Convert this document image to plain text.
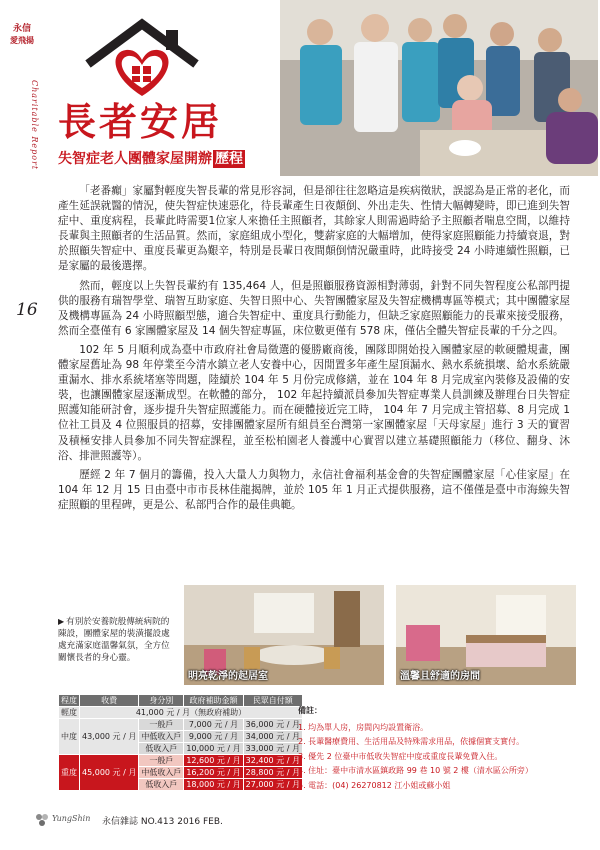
永信
愛飛揚
Charitable Report
16
長者安居
失智症老人團體家屋開辦 歷程

「老番癲」家屬對輕度失智長輩的常見形容詞，但是卻往往忽略這是疾病徵狀，誤認為是正常的老化，而產生延誤就醫的情況，使失智症快速惡化，待長輩產生日夜顛倒、外出走失、性情大幅轉變時，即已進到失智症中、重度病程，長輩此時需要1位家人來擔任主照顧者，其餘家人則需過時給予主照顧者喘息空間，以維持長輩與主照顧者的生活品質。然而，家庭組成小型化，雙薪家庭的大幅增加，使得家庭照顧能力持續衰退，對於照顧失智症中、重度長輩更為艱辛，特別是長輩日夜間顛倒情況嚴重時，此時接受 24 小時連續性照顧，已是家屬的最後選擇。

然而，輕度以上失智長輩約有 135,464 人，但是照顧服務資源相對薄弱，針對不同失智程度公私部門提供的服務有瑞智學堂、瑞智互助家庭、失智日照中心、失智團體家屋及失智症機構專區等模式；其中團體家屋及機構專區為 24 小時照顧型態，適合失智症中、重度具行動能力，但缺乏家庭照顧能力的長輩來接受服務，然而全臺僅有 6 家團體家屋及 14 個失智症專區，床位數更僅有 578 床，僅佔全體失智症長輩的千分之四。

102 年 5 月順利成為臺中市政府社會局徵選的優勝廠商後，團隊即開始投入團體家屋的軟硬體規畫，團體家屋舊址為 98 年停業至今清水鎮立老人安養中心，因閒置多年產生屋頂漏水、熱水系統損壞、給水系統嚴重漏水、排水系統堵塞等問題，陸續於 104 年 5 月份完成修繕，並在 104 年 8 月完成室內裝修及設備的安裝，也讓團體家屋逐漸成型。在軟體的部分， 102 年起持續派員參加失智症專業人員訓練及辦理台日失智症照護知能研討會，逐步提升失智症照護能力。而在硬體接近完工時， 104 年 7 月完成主管招募、8 月完成 1 位社工員及 4 位照服員的招募，安排團體家屋所有組員至台灣第一家團體家屋「天母家屋」進行 3 天的實習及積極安排人員參加不同失智症課程，並至松柏園老人養護中心實習以建立基礎照顧能力（移位、翻身、沐浴、排泄照護等）。

歷經 2 年 7 個月的籌備，投入大量人力與物力，永信社會福利基金會的失智症團體家屋「心佳家屋」在 104 年 12 月 15 日由臺中市市長林佳龍揭牌，並於 105 年 1 月正式提供服務，這不僅僅是臺中市海線失智症照顧的里程碑，更是公、私部門合作的最佳典範。

▶ 有別於安養院般傳統病院的陳設，團體家屋的裝潢擺設處處充滿家庭溫馨氣氛，全方位關懷長者的身心靈。
明亮乾淨的起居室	溫馨且舒適的房間
程度	收費	身分別	政府補助金額	民眾自付額
輕度	41,000 元 / 月（無政府補助）			
中度	43,000 元 / 月	一般戶	7,000 元 / 月	36,000 元 / 月
		中低收入戶	9,000 元 / 月	34,000 元 / 月
		低收入戶	10,000 元 / 月	33,000 元 / 月
重度	45,000 元 / 月	一般戶	12,600 元 / 月	32,400 元 / 月
		中低收入戶	16,200 元 / 月	28,800 元 / 月
		低收入戶	18,000 元 / 月	27,000 元 / 月
備註：
1. 均為單人房，房間內均設置衛浴。
2. 長輩醫療費用、生活用品及特殊需求用品，依據個實支實付。
3. 優先 2 位臺中市低收失智症中度或重度長輩免費入住。
4. 住址：臺中市清水區鎮政路 99 巷 10 號 2 樓（清水區公所旁）
5. 電話：(04) 26270812 江小姐或蘇小姐
YungShin 永信雜誌 NO.413 2016 FEB.
